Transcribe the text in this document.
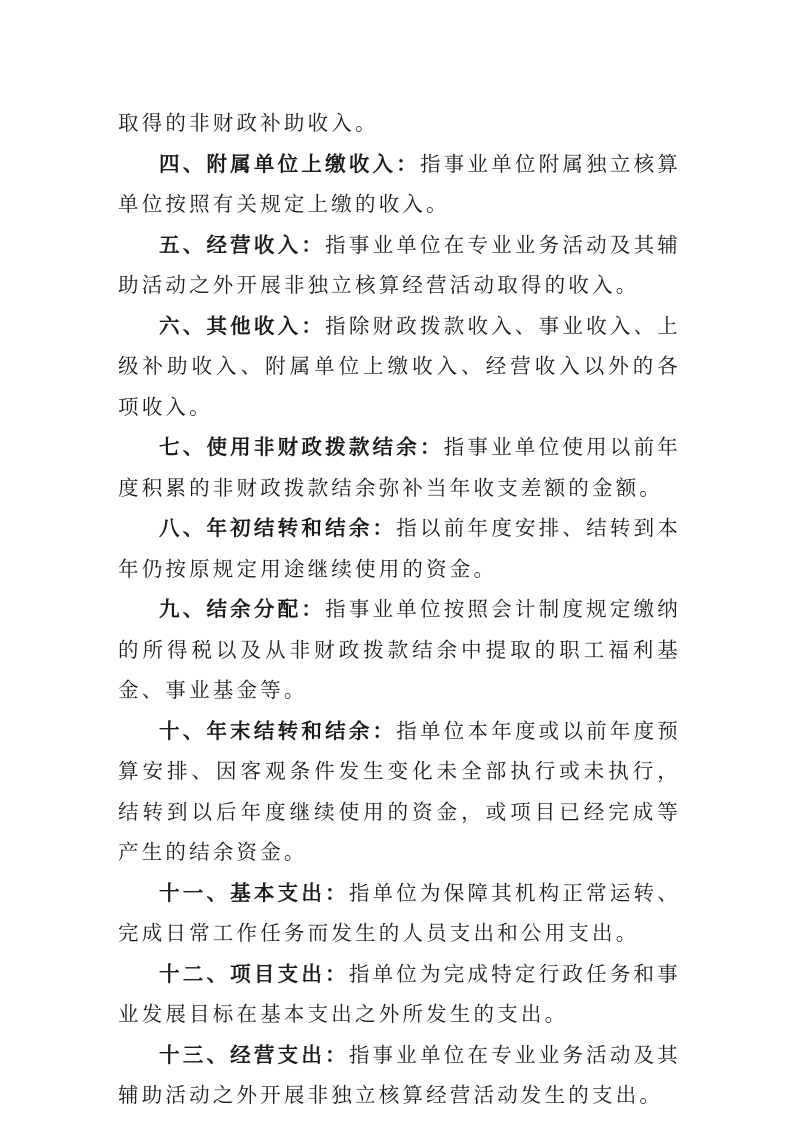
取得的非财政补助收入。

四、附属单位上缴收入：指事业单位附属独立核算单位按照有关规定上缴的收入。

五、经营收入：指事业单位在专业业务活动及其辅助活动之外开展非独立核算经营活动取得的收入。

六、其他收入：指除财政拨款收入、事业收入、上级补助收入、附属单位上缴收入、经营收入以外的各项收入。

七、使用非财政拨款结余：指事业单位使用以前年度积累的非财政拨款结余弥补当年收支差额的金额。

八、年初结转和结余：指以前年度安排、结转到本年仍按原规定用途继续使用的资金。

九、结余分配：指事业单位按照会计制度规定缴纳的所得税以及从非财政拨款结余中提取的职工福利基金、事业基金等。

十、年末结转和结余：指单位本年度或以前年度预算安排、因客观条件发生变化未全部执行或未执行，结转到以后年度继续使用的资金，或项目已经完成等产生的结余资金。

十一、基本支出：指单位为保障其机构正常运转、完成日常工作任务而发生的人员支出和公用支出。

十二、项目支出：指单位为完成特定行政任务和事业发展目标在基本支出之外所发生的支出。

十三、经营支出：指事业单位在专业业务活动及其辅助活动之外开展非独立核算经营活动发生的支出。
